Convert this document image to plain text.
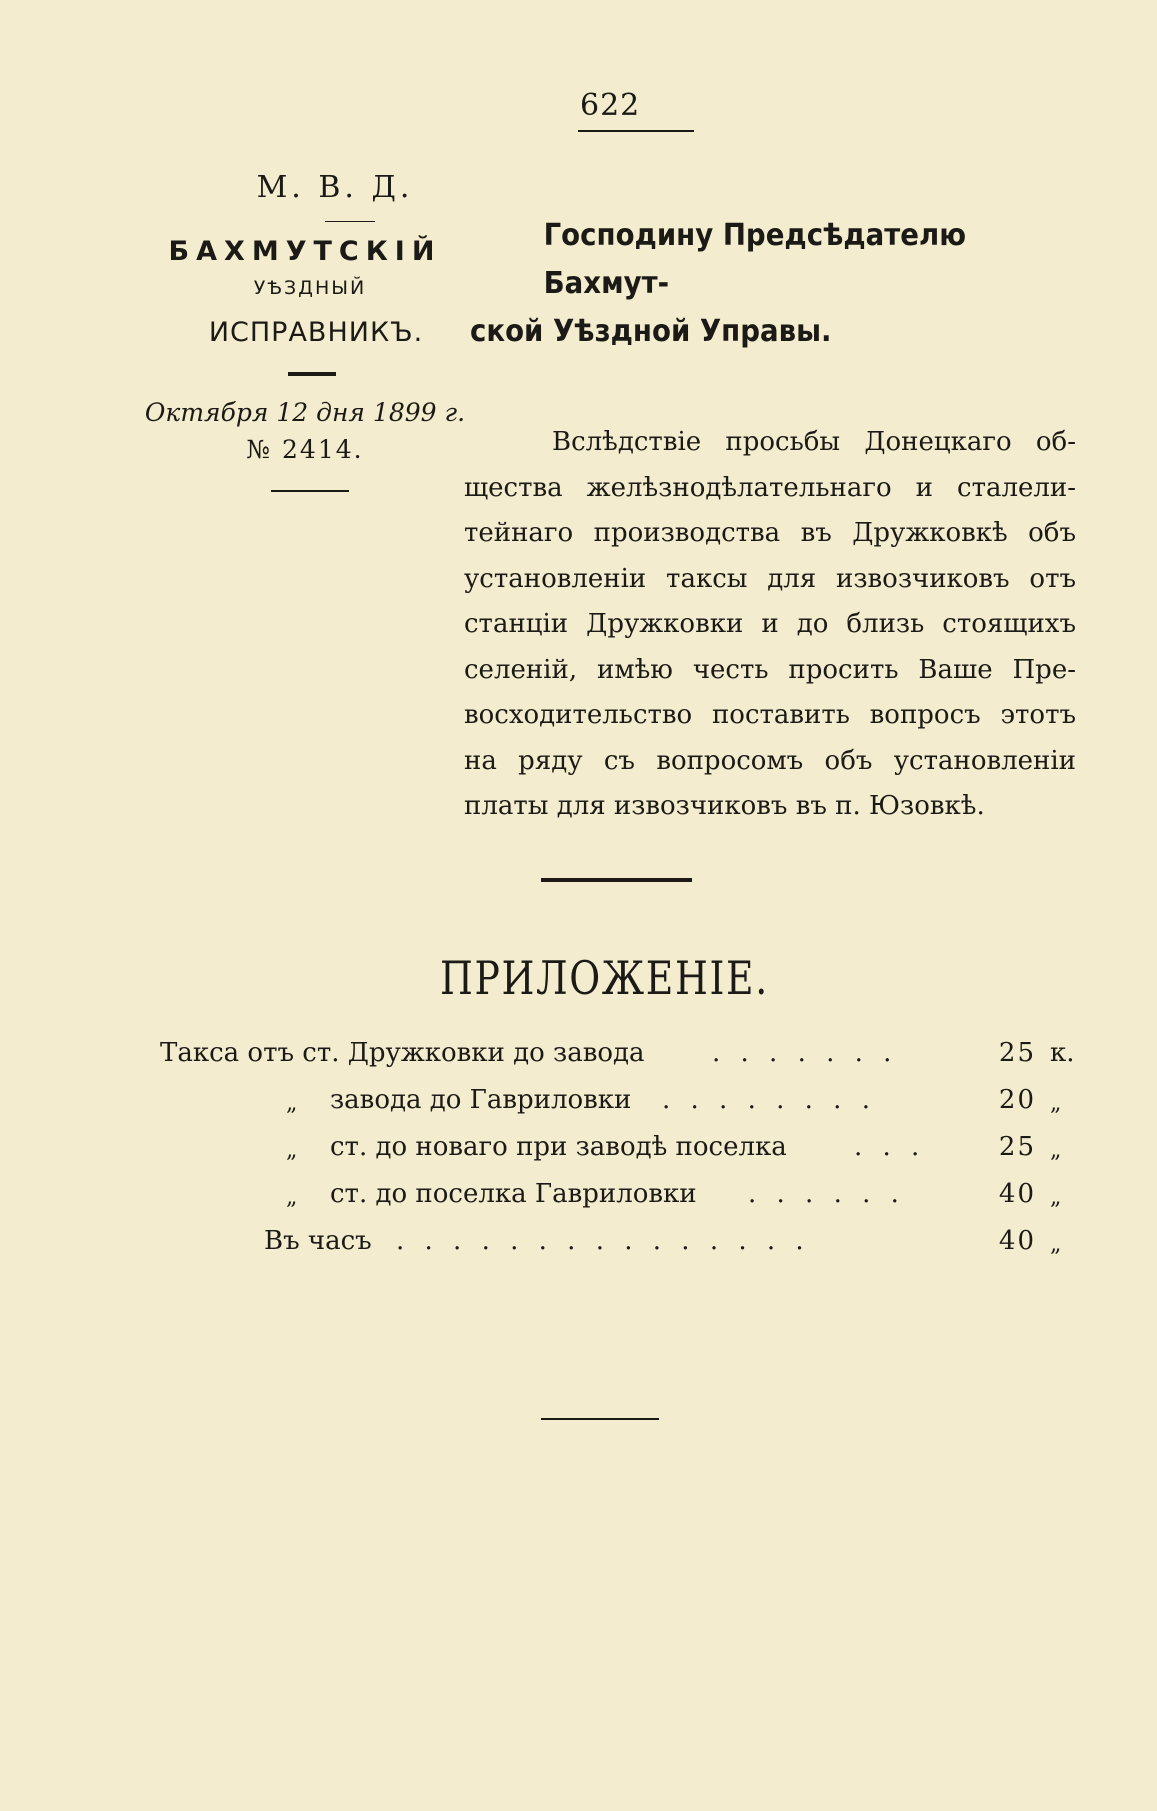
622
М. В. Д.
БАХМУТСКІЙ
УѢЗДНЫЙ
ИСПРАВНИКЪ.
Октября 12 дня 1899 г.
№ 2414.
Господину Предсѣдателю Бахмут-
ской Уѣздной Управы.
Вслѣдствіе просьбы Донецкаго об-
щества желѣзнодѣлательнаго и сталели-
тейнаго производства въ Дружковкѣ объ
установленіи таксы для извозчиковъ отъ
станціи Дружковки и до близь стоящихъ
селеній, имѣю честь просить Ваше Пре-
восходительство поставить вопросъ этотъ
на ряду съ вопросомъ объ установленіи
платы для извозчиковъ въ п. Юзовкѣ.
ПРИЛОЖЕНІЕ.
Такса отъ ст. Дружковки до завода	. . . . . . .	25 к.
„ завода до Гавриловки . . . . . . . .	20 „
„ ст. до новаго при заводѣ поселка	. . .	25 „
„ ст. до поселка Гавриловки . . . . . .	40 „
Въ часъ . . . . . . . . . . . . . . .	40 „
